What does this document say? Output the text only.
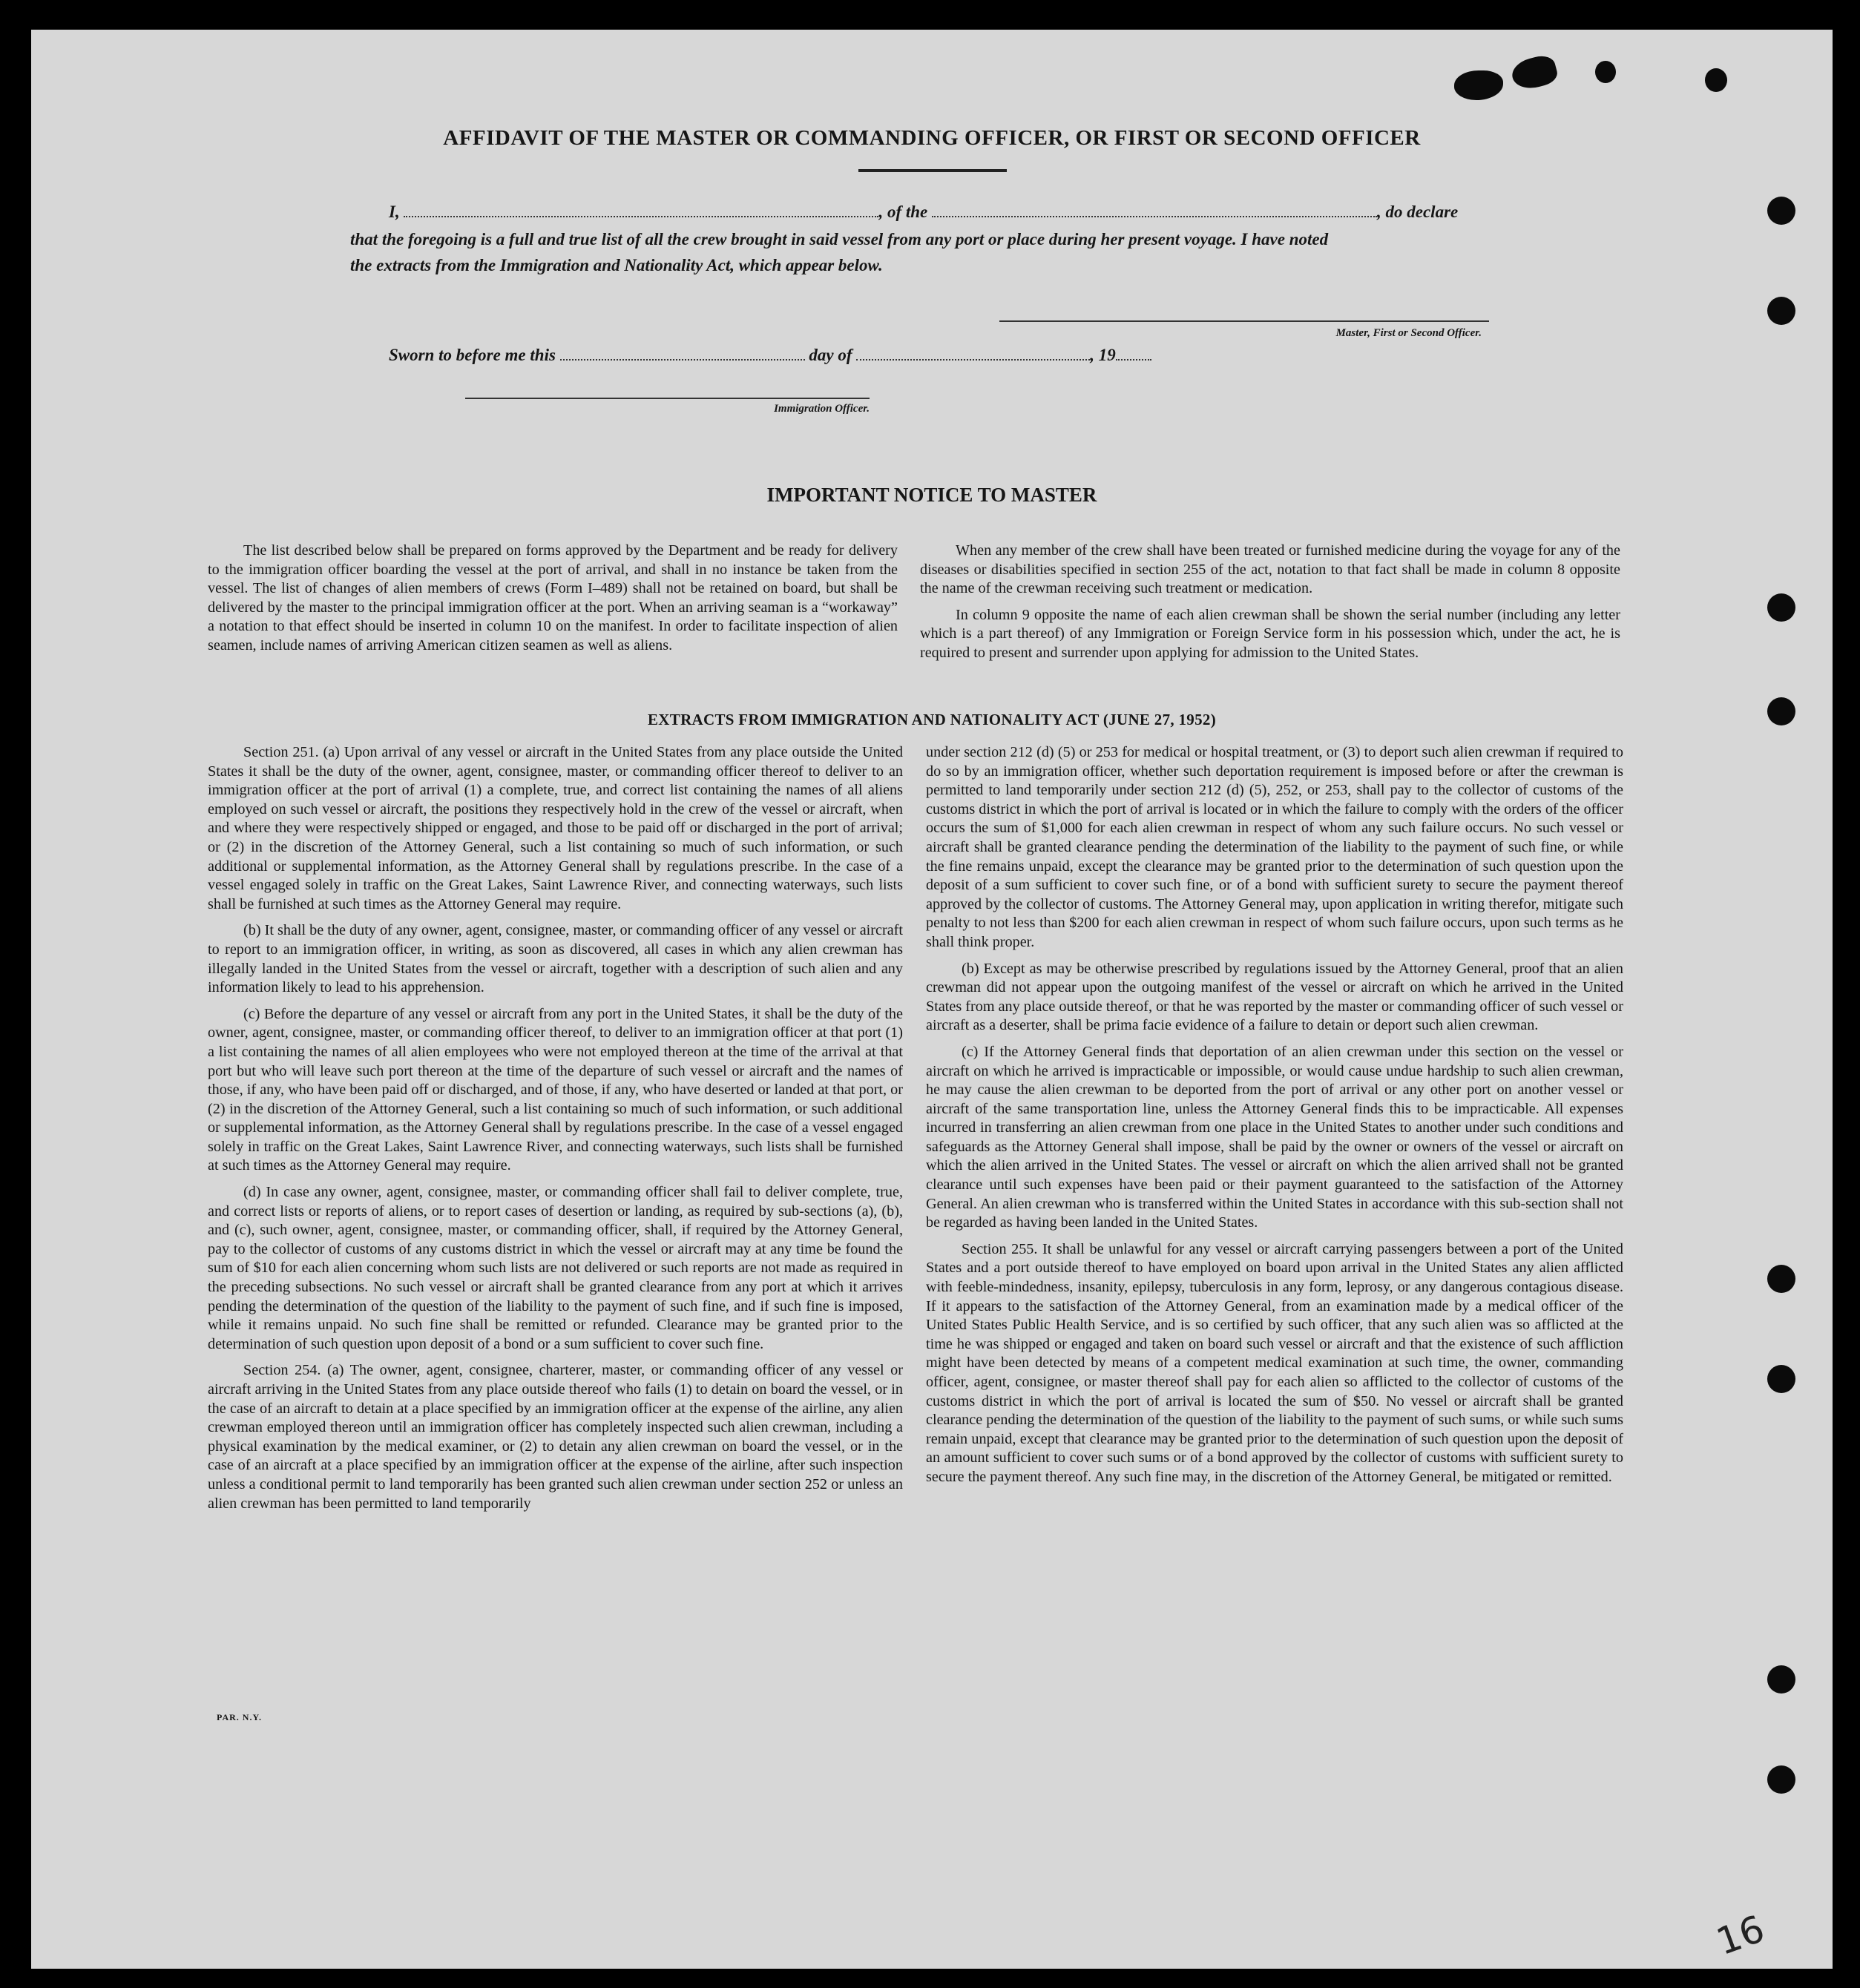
AFFIDAVIT OF THE MASTER OR COMMANDING OFFICER, OR FIRST OR SECOND OFFICER
I,	, of the	, do declare
that the foregoing is a full and true list of all the crew brought in said vessel from any port or place during her present voyage. I have noted
the extracts from the Immigration and Nationality Act, which appear below.
Master, First or Second Officer.
Sworn to before me this	day of	, 19
Immigration Officer.
IMPORTANT NOTICE TO MASTER

The list described below shall be prepared on forms approved by the Department and be ready for delivery to the immigration officer boarding the vessel at the port of arrival, and shall in no instance be taken from the vessel. The list of changes of alien members of crews (Form I–489) shall not be retained on board, but shall be delivered by the master to the principal immigration officer at the port. When an arriving seaman is a “workaway” a notation to that effect should be inserted in column 10 on the manifest. In order to facilitate inspection of alien seamen, include names of arriving American citizen seamen as well as aliens.

When any member of the crew shall have been treated or furnished medicine during the voyage for any of the diseases or disabilities specified in section 255 of the act, notation to that fact shall be made in column 8 opposite the name of the crewman receiving such treatment or medication.

In column 9 opposite the name of each alien crewman shall be shown the serial number (including any letter which is a part thereof) of any Immigration or Foreign Service form in his possession which, under the act, he is required to present and surrender upon applying for admission to the United States.

EXTRACTS FROM IMMIGRATION AND NATIONALITY ACT (JUNE 27, 1952)

Section 251. (a) Upon arrival of any vessel or aircraft in the United States from any place outside the United States it shall be the duty of the owner, agent, consignee, master, or commanding officer thereof to deliver to an immigration officer at the port of arrival (1) a complete, true, and correct list containing the names of all aliens employed on such vessel or aircraft, the positions they respectively hold in the crew of the vessel or aircraft, when and where they were respectively shipped or engaged, and those to be paid off or discharged in the port of arrival; or (2) in the discretion of the Attorney General, such a list containing so much of such information, or such additional or supplemental information, as the Attorney General shall by regulations prescribe. In the case of a vessel engaged solely in traffic on the Great Lakes, Saint Lawrence River, and connecting waterways, such lists shall be furnished at such times as the Attorney General may require.

(b) It shall be the duty of any owner, agent, consignee, master, or commanding officer of any vessel or aircraft to report to an immigration officer, in writing, as soon as discovered, all cases in which any alien crewman has illegally landed in the United States from the vessel or aircraft, together with a description of such alien and any information likely to lead to his apprehension.

(c) Before the departure of any vessel or aircraft from any port in the United States, it shall be the duty of the owner, agent, consignee, master, or commanding officer thereof, to deliver to an immigration officer at that port (1) a list containing the names of all alien employees who were not employed thereon at the time of the arrival at that port but who will leave such port thereon at the time of the departure of such vessel or aircraft and the names of those, if any, who have been paid off or discharged, and of those, if any, who have deserted or landed at that port, or (2) in the discretion of the Attorney General, such a list containing so much of such information, or such additional or supplemental information, as the Attorney General shall by regulations prescribe. In the case of a vessel engaged solely in traffic on the Great Lakes, Saint Lawrence River, and connecting waterways, such lists shall be furnished at such times as the Attorney General may require.

(d) In case any owner, agent, consignee, master, or commanding officer shall fail to deliver complete, true, and correct lists or reports of aliens, or to report cases of desertion or landing, as required by sub-sections (a), (b), and (c), such owner, agent, consignee, master, or commanding officer, shall, if required by the Attorney General, pay to the collector of customs of any customs district in which the vessel or aircraft may at any time be found the sum of $10 for each alien concerning whom such lists are not delivered or such reports are not made as required in the preceding subsections. No such vessel or aircraft shall be granted clearance from any port at which it arrives pending the determination of the question of the liability to the payment of such fine, and if such fine is imposed, while it remains unpaid. No such fine shall be remitted or refunded. Clearance may be granted prior to the determination of such question upon deposit of a bond or a sum sufficient to cover such fine.

Section 254. (a) The owner, agent, consignee, charterer, master, or commanding officer of any vessel or aircraft arriving in the United States from any place outside thereof who fails (1) to detain on board the vessel, or in the case of an aircraft to detain at a place specified by an immigration officer at the expense of the airline, any alien crewman employed thereon until an immigration officer has completely inspected such alien crewman, including a physical examination by the medical examiner, or (2) to detain any alien crewman on board the vessel, or in the case of an aircraft at a place specified by an immigration officer at the expense of the airline, after such inspection unless a conditional permit to land temporarily has been granted such alien crewman under section 252 or unless an alien crewman has been permitted to land temporarily

under section 212 (d) (5) or 253 for medical or hospital treatment, or (3) to deport such alien crewman if required to do so by an immigration officer, whether such deportation requirement is imposed before or after the crewman is permitted to land temporarily under section 212 (d) (5), 252, or 253, shall pay to the collector of customs of the customs district in which the port of arrival is located or in which the failure to comply with the orders of the officer occurs the sum of $1,000 for each alien crewman in respect of whom any such failure occurs. No such vessel or aircraft shall be granted clearance pending the determination of the liability to the payment of such fine, or while the fine remains unpaid, except the clearance may be granted prior to the determination of such question upon the deposit of a sum sufficient to cover such fine, or of a bond with sufficient surety to secure the payment thereof approved by the collector of customs. The Attorney General may, upon application in writing therefor, mitigate such penalty to not less than $200 for each alien crewman in respect of whom such failure occurs, upon such terms as he shall think proper.

(b) Except as may be otherwise prescribed by regulations issued by the Attorney General, proof that an alien crewman did not appear upon the outgoing manifest of the vessel or aircraft on which he arrived in the United States from any place outside thereof, or that he was reported by the master or commanding officer of such vessel or aircraft as a deserter, shall be prima facie evidence of a failure to detain or deport such alien crewman.

(c) If the Attorney General finds that deportation of an alien crewman under this section on the vessel or aircraft on which he arrived is impracticable or impossible, or would cause undue hardship to such alien crewman, he may cause the alien crewman to be deported from the port of arrival or any other port on another vessel or aircraft of the same transportation line, unless the Attorney General finds this to be impracticable. All expenses incurred in transferring an alien crewman from one place in the United States to another under such conditions and safeguards as the Attorney General shall impose, shall be paid by the owner or owners of the vessel or aircraft on which the alien arrived in the United States. The vessel or aircraft on which the alien arrived shall not be granted clearance until such expenses have been paid or their payment guaranteed to the satisfaction of the Attorney General. An alien crewman who is transferred within the United States in accordance with this sub-section shall not be regarded as having been landed in the United States.

Section 255. It shall be unlawful for any vessel or aircraft carrying passengers between a port of the United States and a port outside thereof to have employed on board upon arrival in the United States any alien afflicted with feeble-mindedness, insanity, epilepsy, tuberculosis in any form, leprosy, or any dangerous contagious disease. If it appears to the satisfaction of the Attorney General, from an examination made by a medical officer of the United States Public Health Service, and is so certified by such officer, that any such alien was so afflicted at the time he was shipped or engaged and taken on board such vessel or aircraft and that the existence of such affliction might have been detected by means of a competent medical examination at such time, the owner, commanding officer, agent, consignee, or master thereof shall pay for each alien so afflicted to the collector of customs of the customs district in which the port of arrival is located the sum of $50. No vessel or aircraft shall be granted clearance pending the determination of the question of the liability to the payment of such sums, or while such sums remain unpaid, except that clearance may be granted prior to the determination of such question upon the deposit of an amount sufficient to cover such sums or of a bond approved by the collector of customs with sufficient surety to secure the payment thereof. Any such fine may, in the discretion of the Attorney General, be mitigated or remitted.

PAR. N.Y.
16
